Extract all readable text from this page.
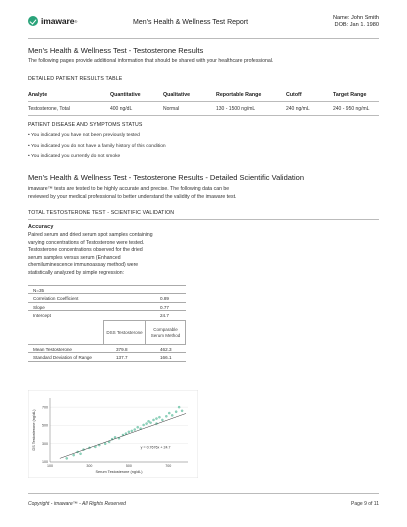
imaware ®	Men's Health & Wellness Test Report
Name: John Smith
DOB: Jan 1. 1980
Men's Health & Wellness Test - Testosterone Results
The following pages provide additional information that should be shared with your healthcare professional.
DETAILED PATIENT RESULTS TABLE
Analyte	Quantitative	Qualitative	Reportable Range	Cutoff	Target Range
Testosterone, Total	400 ng/dL	Normal	130 - 1500 ng/mL	240 ng/mL	240 - 950 ng/mL
PATIENT DISEASE AND SYMPTOMS STATUS
• You indicated you have not been previously tested
• You indicated you do not have a family history of this condition
• You indicated you currently do not smoke
Men's Health & Wellness Test - Testosterone Results - Detailed Scientific Validation
imaware™ tests are tested to be highly accurate and precise. The following data can be
reviewed by your medical professional to better understand the validity of the imaware test.
TOTAL TESTOSTERONE TEST - SCIENTIFIC VALIDATION
Accuracy
Paired serum and dried serum spot samples containing
varying concentrations of Testosterone were tested.
Testosterone concentrations observed for the dried
serum samples versus serum (Enhanced
chemiluminescence immunoassay method) were
statistically analyzed by simple regression:
N=35
Correlation Coefficient	0.89
Slope	0.77
Intercept	24.7
DSS Testosterone
Comparable Serum Method
Mean Testosterone	379.8	462.3
Standard Deviation of Range	137.7	166.1
100
300
500
700
100	300	500	700
y = 0.7676x + 24.7
Serum Testosterone (ng/dL)
DS Testosterone (ng/dL)
Copyright - imaware™ - All Rights Reserved	Page 9 of 11
